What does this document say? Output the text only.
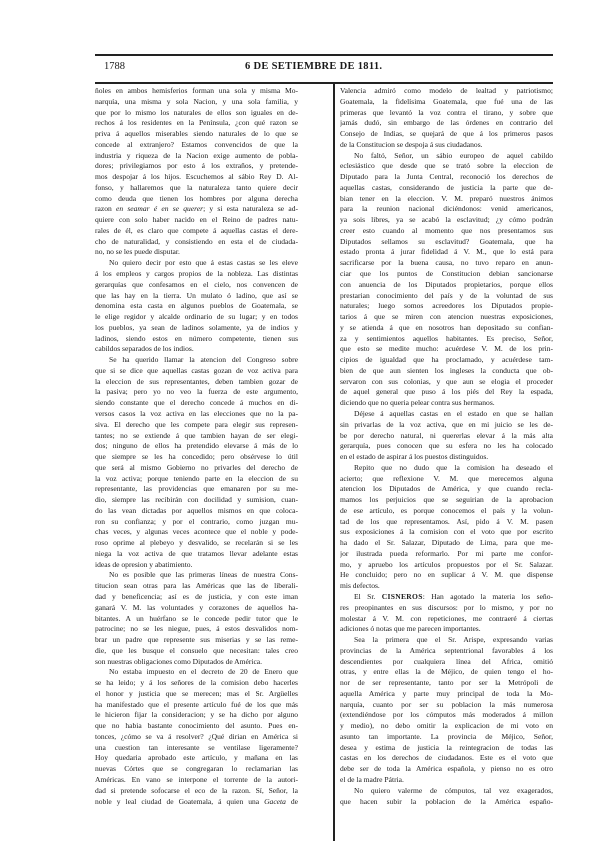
1788	6 DE SETIEMBRE DE 1811.
ñoles en ambos hemisferios forman una sola y misma Mo-
narquía, una misma y sola Nacion, y una sola familia, y
que por lo mismo los naturales de ellos son iguales en de-
rechos á los residentes en la Península, ¿con qué razon se
priva á aquellos miserables siendo naturales de lo que se
concede al extranjero? Estamos convencidos de que la
industria y riqueza de la Nacion exige aumento de pobla-
dores; privilegiamos por esto á los extraños, y pretende-
mos despojar á los hijos. Escuchemos al sábio Rey D. Al-
fonso, y hallaremos que la naturaleza tanto quiere decir
como deuda que tienen los hombres por alguna derecha
razon en seamar é en se querer; y si esta naturaleza se ad-
quiere con solo haber nacido en el Reino de padres natu-
rales de él, es claro que compete á aquellas castas el dere-
cho de naturalidad, y consistiendo en esta el de ciudada-
no, no se les puede disputar.
No quiero decir por esto que á estas castas se les eleve
á los empleos y cargos propios de la nobleza. Las distintas
gerarquías que confesamos en el cielo, nos convencen de
que las hay en la tierra. Un mulato ó ladino, que así se
denomina esta casta en algunos pueblos de Goatemala, se
le elige regidor y alcalde ordinario de su lugar; y en todos
los pueblos, ya sean de ladinos solamente, ya de indios y
ladinos, siendo estos en número competente, tienen sus
cabildos separados de los indios.
Se ha querido llamar la atencion del Congreso sobre
que si se dice que aquellas castas gozan de voz activa para
la eleccion de sus representantes, deben tambien gozar de
la pasiva; pero yo no veo la fuerza de este argumento,
siendo constante que el derecho concede á muchos en di-
versos casos la voz activa en las elecciones que no la pa-
siva. El derecho que les compete para elegir sus represen-
tantes; no se extiende á que tambien hayan de ser elegi-
dos; ninguno de ellos ha pretendido elevarse á más de lo
que siempre se les ha concedido; pero obsérvese lo útil
que será al mismo Gobierno no privarles del derecho de
la voz activa; porque teniendo parte en la eleccion de su
representante, las providencias que emanaren por su me-
dio, siempre las recibirán con docilidad y sumision, cuan-
do las vean dictadas por aquellos mismos en que coloca-
ron su confianza; y por el contrario, como juzgan mu-
chas veces, y algunas veces acontece que el noble y pode-
roso oprime al plebeyo y desvalido, se recelarán si se les
niega la voz activa de que tratamos llevar adelante estas
ideas de opresion y abatimiento.
No es posible que las primeras líneas de nuestra Cons-
titucion sean otras para las Américas que las de liberali-
dad y beneficencia; así es de justicia, y con este iman
ganará V. M. las voluntades y corazones de aquellos ha-
bitantes. A un huérfano se le concede pedir tutor que le
patrocine; no se les niegue, pues, á estos desvalidos nom-
brar un padre que represente sus miserias y se las reme-
die, que les busque el consuelo que necesitan: tales creo
son nuestras obligaciones como Diputados de América.
No estaba impuesto en el decreto de 20 de Enero que
se ha leido; y á los señores de la comision debo hacerles
el honor y justicia que se merecen; mas el Sr. Argüelles
ha manifestado que el presente artículo fué de los que más
le hicieron fijar la consideracion; y se ha dicho por alguno
que no habia bastante conocimiento del asunto. Pues en-
tonces, ¿cómo se va á resolver? ¿Qué dirian en América si
una cuestion tan interesante se ventilase ligeramente?
Hoy quedaria aprobado este artículo, y mañana en las
nuevas Córtes que se congregaran lo reclamarian las
Américas. En vano se interpone el torrente de la autori-
dad si pretende sofocarse el eco de la razon. Sí, Señor, la
noble y leal ciudad de Goatemala, á quien una Gaceta de
Valencia admiró como modelo de lealtad y patriotismo;
Goatemala, la fidelísima Goatemala, que fué una de las
primeras que levantó la voz contra el tirano, y sobre que
jamás dudó, sin embargo de las órdenes en contrario del
Consejo de Indias, se quejará de que á los primeros pasos
de la Constitucion se despoja á sus ciudadanos.
No faltó, Señor, un sábio europeo de aquel cabildo
eclesiástico que desde que se trató sobre la eleccion de
Diputado para la Junta Central, reconoció los derechos de
aquellas castas, considerando de justicia la parte que de-
bian tener en la eleccion. V. M. preparó nuestros ánimos
para la reunion nacional diciéndonos: venid americanos,
ya sois libres, ya se acabó la esclavitud; ¿y cómo podrán
creer esto cuando al momento que nos presentamos sus
Diputados sellamos su esclavitud? Goatemala, que ha
estado pronta á jurar fidelidad á V. M., que lo está para
sacrificarse por la buena causa, no tuvo reparo en anun-
ciar que los puntos de Constitucion debian sancionarse
con anuencia de los Diputados propietarios, porque ellos
prestarian conocimiento del país y de la voluntad de sus
naturales; luego somos acreedores los Diputados propie-
tarios á que se miren con atencion nuestras exposiciones,
y se atienda á que en nosotros han depositado su confian-
za y sentimientos aquellos habitantes. Es preciso, Señor,
que esto se medite mucho: acuérdese V. M. de los prin-
cipios de igualdad que ha proclamado, y acuérdese tam-
bien de que aun sienten los ingleses la conducta que ob-
servaron con sus colonias, y que aun se elogia el proceder
de aquel general que puso á los piés del Rey la espada,
diciendo que no queria pelear contra sus hermanos.
Déjese á aquellas castas en el estado en que se hallan
sin privarlas de la voz activa, que en mi juicio se les de-
be por derecho natural, ni quererlas elevar á la más alta
gerarquía, pues conocen que su esfera no les ha colocado
en el estado de aspirar á los puestos distinguidos.
Repito que no dudo que la comision ha deseado el
acierto; que reflexione V. M. que merecemos alguna
atencion los Diputados de América, y que cuando recla-
mamos los perjuicios que se seguirian de la aprobacion
de ese artículo, es porque conocemos el país y la volun-
tad de los que representamos. Así, pido á V. M. pasen
sus exposiciones á la comision con el voto que por escrito
ha dado el Sr. Salazar, Diputado de Lima, para que me-
jor ilustrada pueda reformarlo. Por mi parte me confor-
mo, y apruebo los artículos propuestos por el Sr. Salazar.
He concluido; pero no en suplicar á V. M. que dispense
mis defectos.
El Sr. CISNEROS: Han agotado la materia los seño-
res preopinantes en sus discursos: por lo mismo, y por no
molestar á V. M. con repeticiones, me contraeré á ciertas
adiciones ó notas que me parecen importantes.
Sea la primera que el Sr. Arispe, expresando varias
provincias de la América septentrional favorables á los
descendientes por cualquiera línea del Africa, omitió
otras, y entre ellas la de Méjico, de quien tengo el ho-
nor de ser representante, tanto por ser la Metrópoli de
aquella América y parte muy principal de toda la Mo-
narquía, cuanto por ser su poblacion la más numerosa
(extendiéndose por los cómputos más moderados á millon
y medio), no debo omitir la explicacion de mi voto en
asunto tan importante. La provincia de Méjico, Señor,
desea y estima de justicia la reintegracion de todas las
castas en los derechos de ciudadanos. Este es el voto que
debe ser de toda la América española, y pienso no es otro
el de la madre Pátria.
No quiero valerme de cómputos, tal vez exagerados,
que hacen subir la poblacion de la América españo-
